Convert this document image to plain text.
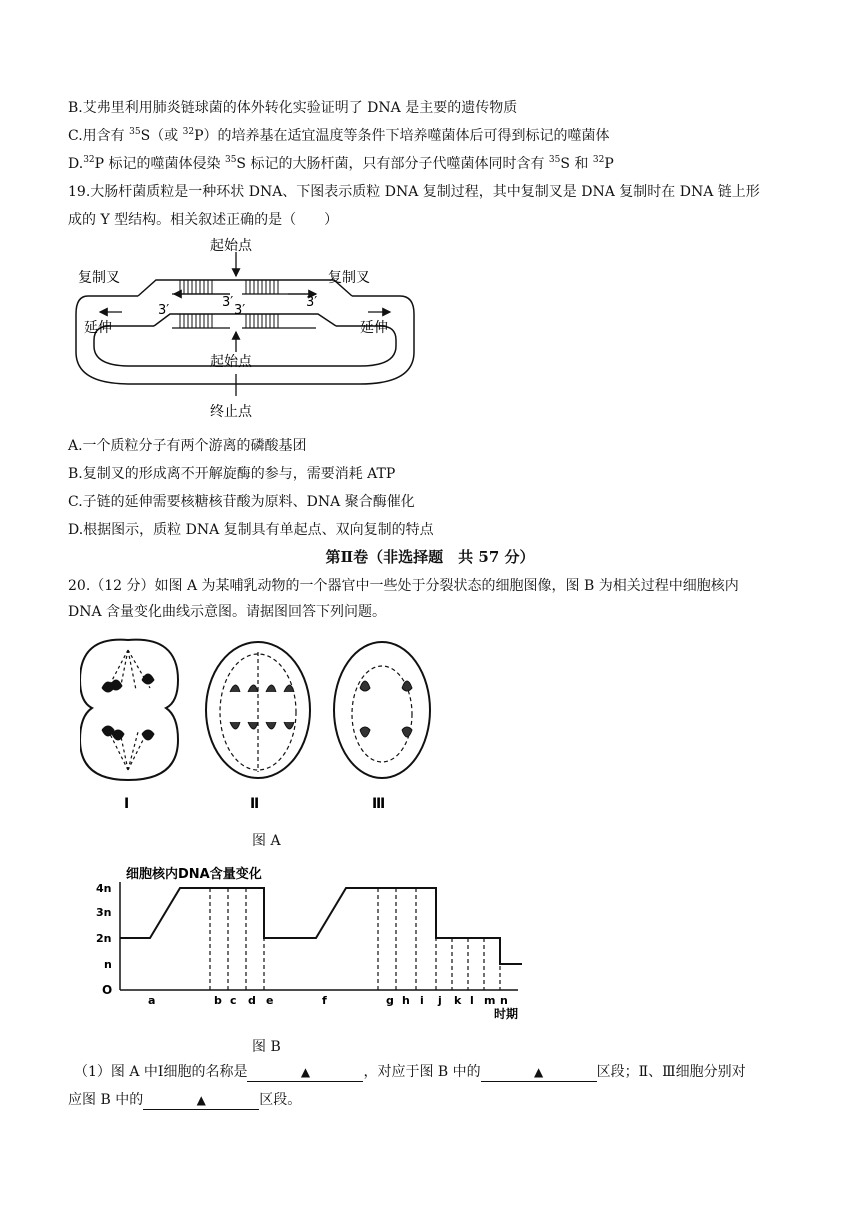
B.艾弗里利用肺炎链球菌的体外转化实验证明了 DNA 是主要的遗传物质
C.用含有 $^{35}$S（或 $^{32}$P）的培养基在适宜温度等条件下培养噬菌体后可得到标记的噬菌体
D.$^{32}$P 标记的噬菌体侵染 $^{35}$S 标记的大肠杆菌，只有部分子代噬菌体同时含有 $^{35}$S 和 $^{32}$P
19.大肠杆菌质粒是一种环状 DNA、下图表示质粒 DNA 复制过程，其中复制叉是 DNA 复制时在 DNA 链上形
成的 Y 型结构。相关叙述正确的是（　　）
起始点
复制叉	复制叉
3′	3′
3′	3′
延伸	延伸
起始点
终止点
A.一个质粒分子有两个游离的磷酸基团
B.复制叉的形成离不开解旋酶的参与，需要消耗 ATP
C.子链的延伸需要核糖核苷酸为原料、DNA 聚合酶催化
D.根据图示，质粒 DNA 复制具有单起点、双向复制的特点
第Ⅱ卷（非选择题　共 57 分）
20.（12 分）如图 A 为某哺乳动物的一个器官中一些处于分裂状态的细胞图像，图 B 为相关过程中细胞核内
DNA 含量变化曲线示意图。请据图回答下列问题。
Ⅰ	Ⅱ	Ⅲ
图 A
细胞核内DNA含量变化
4n
3n
2n
n
O
a	b c d e	f	g h i j k l m n
时期
图 B
（1）图 A 中Ⅰ细胞的名称是	▲	，对应于图 B 中的	▲	区段；Ⅱ、Ⅲ细胞分别对
应图 B 中的	▲	区段。
